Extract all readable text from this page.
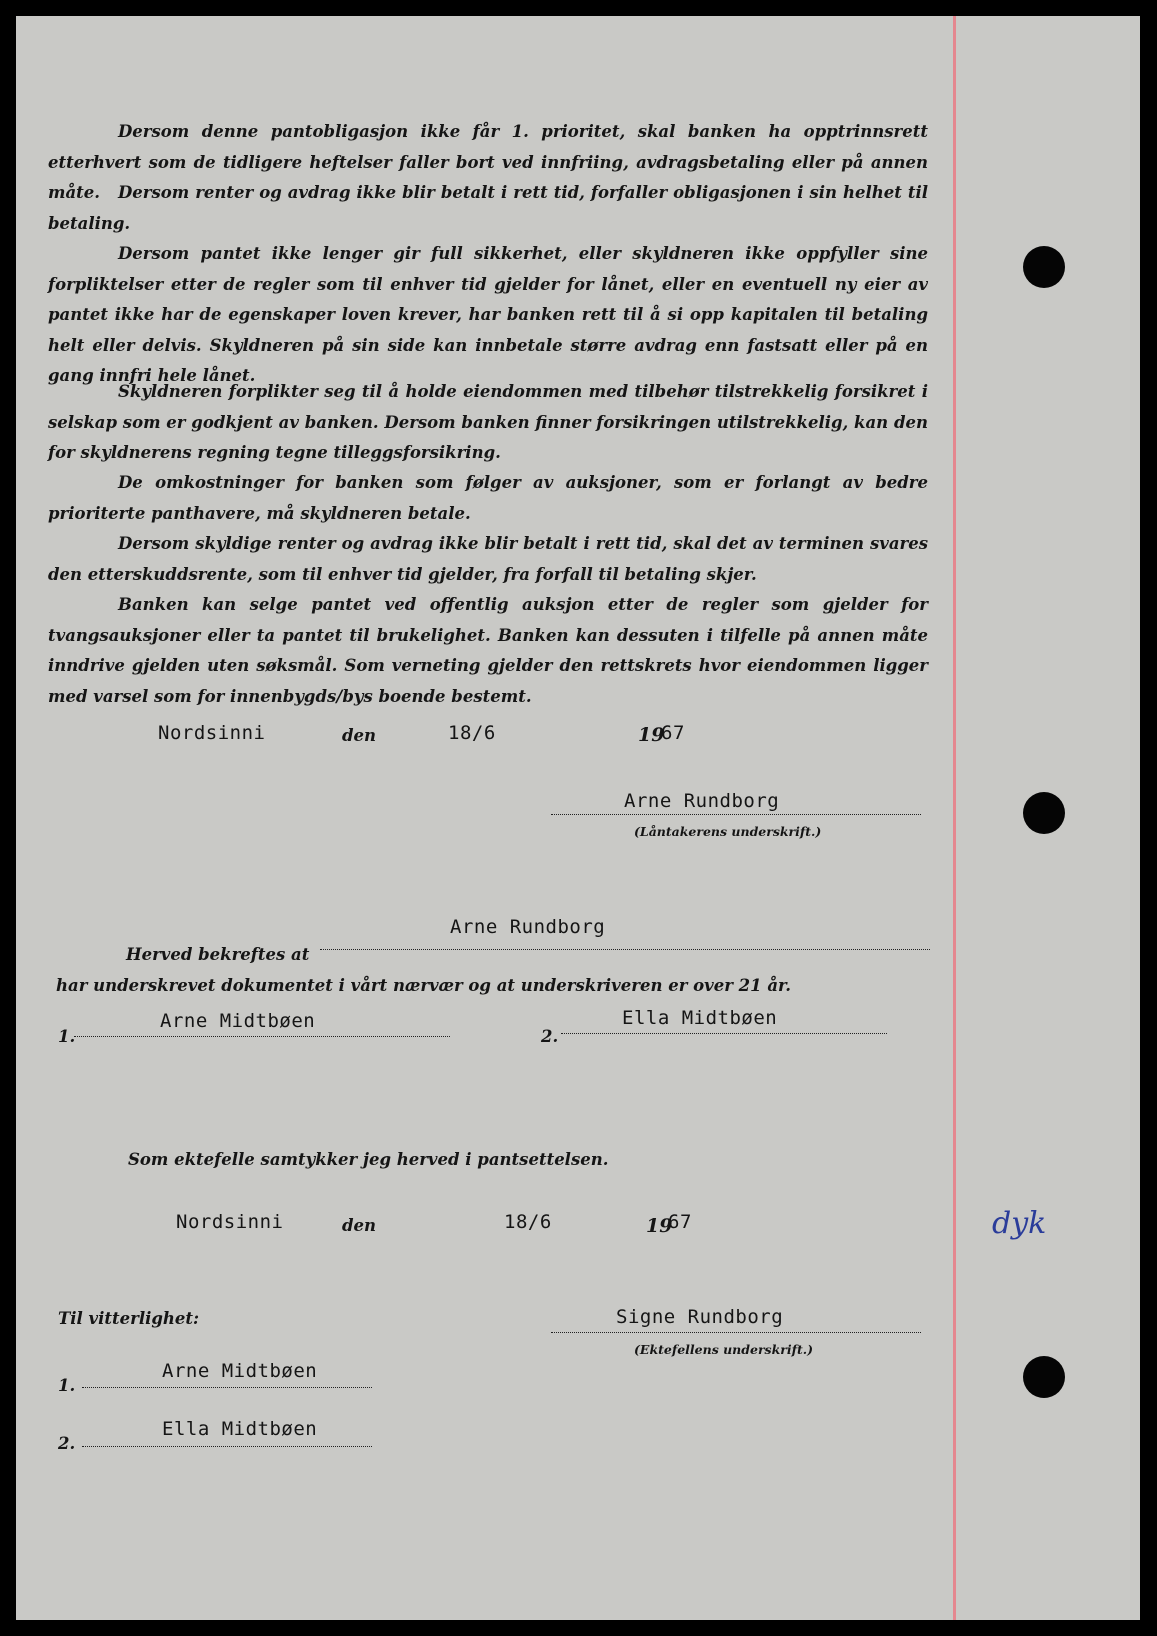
Dersom denne pantobligasjon ikke får 1. prioritet, skal banken ha opptrinnsrett etterhvert som de tidligere heftelser faller bort ved innfriing, avdragsbetaling eller på annen måte.	Dersom renter og avdrag ikke blir betalt i rett tid, forfaller obligasjonen i sin helhet til betaling.

Dersom pantet ikke lenger gir full sikkerhet, eller skyldneren ikke oppfyller sine forpliktelser etter de regler som til enhver tid gjelder for lånet, eller en eventuell ny eier av pantet ikke har de egenskaper loven krever, har banken rett til å si opp kapitalen til betaling helt eller delvis. Skyldneren på sin side kan innbetale større avdrag enn fastsatt eller på en gang innfri hele lånet.

Skyldneren forplikter seg til å holde eiendommen med tilbehør tilstrekkelig forsikret i selskap som er godkjent av banken. Dersom banken finner forsikringen utilstrekkelig, kan den for skyldnerens regning tegne tilleggsforsikring.

De omkostninger for banken som følger av auksjoner, som er forlangt av bedre prioriterte panthavere, må skyldneren betale.

Dersom skyldige renter og avdrag ikke blir betalt i rett tid, skal det av terminen svares den etterskuddsrente, som til enhver tid gjelder, fra forfall til betaling skjer.

Banken kan selge pantet ved offentlig auksjon etter de regler som gjelder for tvangsauksjoner eller ta pantet til brukelighet. Banken kan dessuten i tilfelle på annen måte inndrive gjelden uten søksmål. Som verneting gjelder den rettskrets hvor eiendommen ligger med varsel som for innenbygds/bys boende bestemt.

Nordsinni	den	18/6	19
67
Arne Rundborg
(Låntakerens underskrift.)
Arne Rundborg
Herved bekreftes at
har underskrevet dokumentet i vårt nærvær og at underskriveren er over 21 år.
1.
Arne Midtbøen
2.
Ella Midtbøen
Som ektefelle samtykker jeg herved i pantsettelsen.
Nordsinni	den	18/6	19
67	dyk
Til vitterlighet:	Signe Rundborg
(Ektefellens underskrift.)
1.
Arne Midtbøen
2.
Ella Midtbøen
